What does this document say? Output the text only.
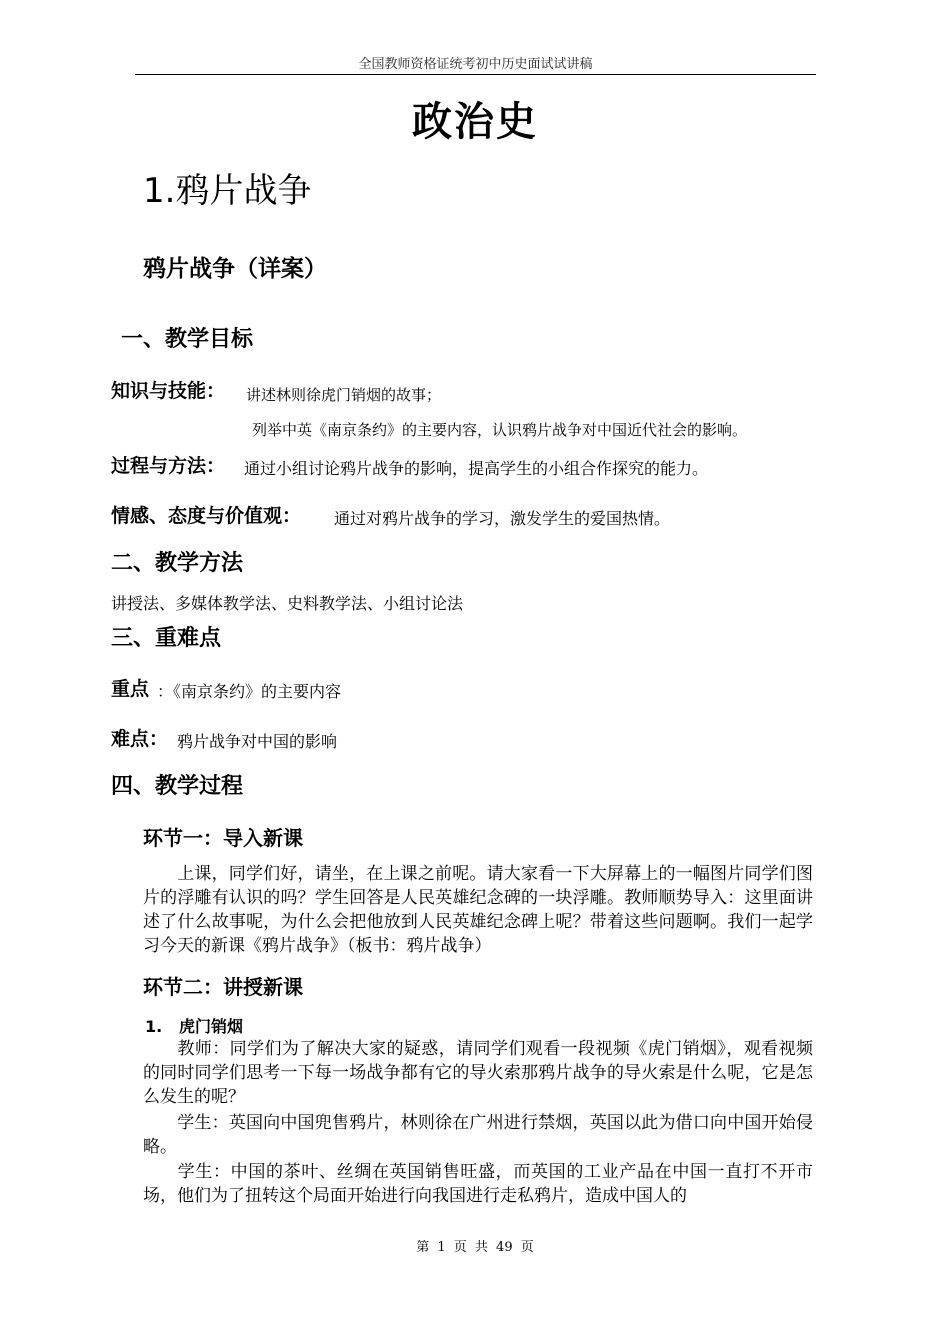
全国教师资格证统考初中历史面试试讲稿
政治史
1.鸦片战争
鸦片战争（详案）
一、教学目标
知识与技能： 讲述林则徐虎门销烟的故事；
列举中英《南京条约》的主要内容，认识鸦片战争对中国近代社会的影响。
过程与方法： 通过小组讨论鸦片战争的影响，提高学生的小组合作探究的能力。
情感、态度与价值观： 通过对鸦片战争的学习，激发学生的爱国热情。
二、教学方法
讲授法、多媒体教学法、史料教学法、小组讨论法
三、重难点
重点 ：《南京条约》的主要内容
难点： 鸦片战争对中国的影响
四、教学过程
环节一：导入新课
上课，同学们好，请坐，在上课之前呢。请大家看一下大屏幕上的一幅图片同学们图片的浮雕有认识的吗？学生回答是人民英雄纪念碑的一块浮雕。教师顺势导入：这里面讲述了什么故事呢，为什么会把他放到人民英雄纪念碑上呢？带着这些问题啊。我们一起学习今天的新课《鸦片战争》（板书：鸦片战争）
环节二：讲授新课
1. 虎门销烟
教师：同学们为了解决大家的疑惑，请同学们观看一段视频《虎门销烟》，观看视频的同时同学们思考一下每一场战争都有它的导火索那鸦片战争的导火索是什么呢，它是怎么发生的呢？
学生：英国向中国兜售鸦片，林则徐在广州进行禁烟，英国以此为借口向中国开始侵略。
学生：中国的茶叶、丝绸在英国销售旺盛，而英国的工业产品在中国一直打不开市场，他们为了扭转这个局面开始进行向我国进行走私鸦片，造成中国人的
第 1 页 共 49 页
